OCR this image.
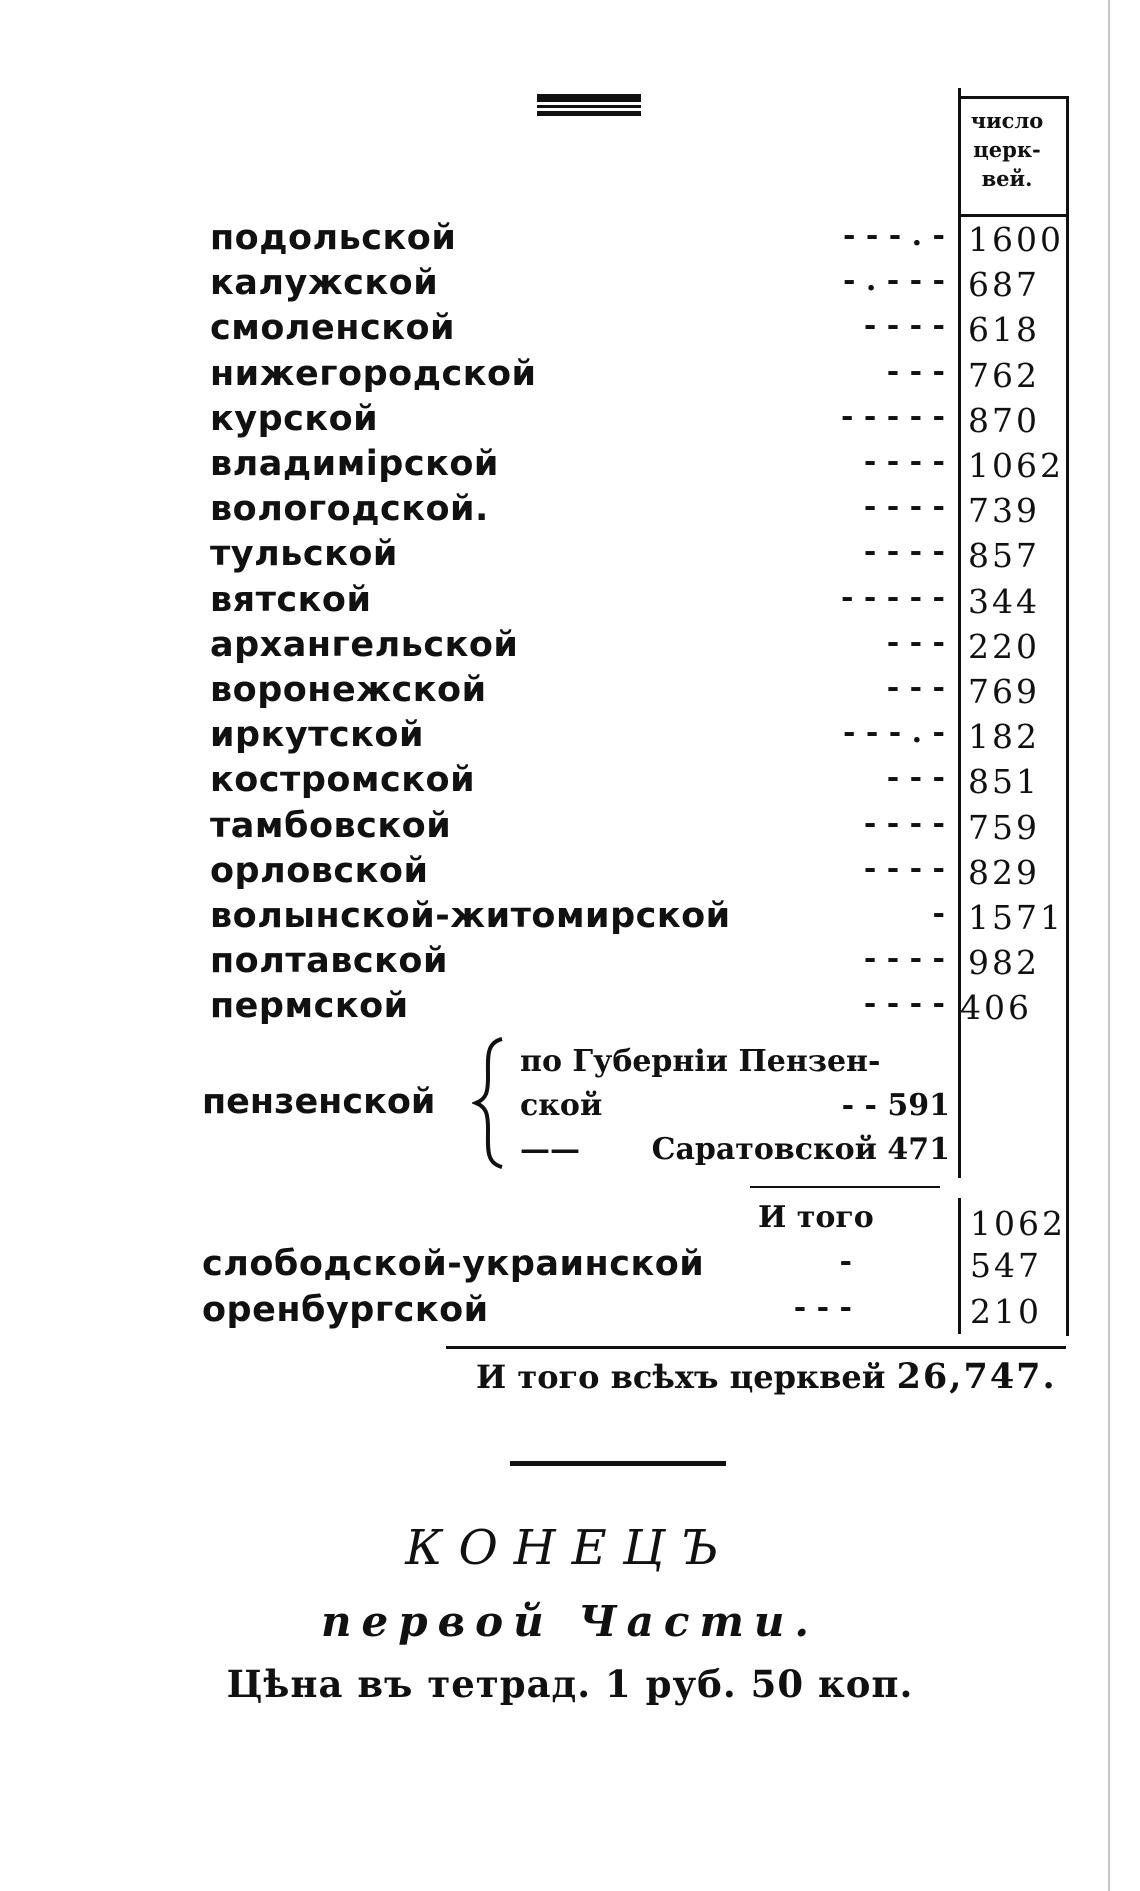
число
церк-
вей.
подольской	- - - . - 1600
калужской	- . - - - 687
смоленской	- - - - 618
нижегородской	- - - 762
курской	- - - - - 870
владимірской	- - - - 1062
вологодской.	- - - - 739
тульской	- - - - 857
вятской	- - - - - 344
архангельской	- - - 220
воронежской	- - - 769
иркутской	- - - . - 182
костромской	- - - 851
тамбовской	- - - - 759
орловской	- - - - 829
волынской-житомирской	- 1571
полтавской	- - - - 982
пермской	- - - - 406
пензенской
по Губерніи Пензен-
ской	- - 591
—— Саратовской 471
И того	1062
слободской-украинской	-	547
оренбургской	- - -	210
И того всѣхъ церквей 26,747.
КОНЕЦЪ
первой Части.
Цѣна въ тетрад. 1 руб. 50 коп.
